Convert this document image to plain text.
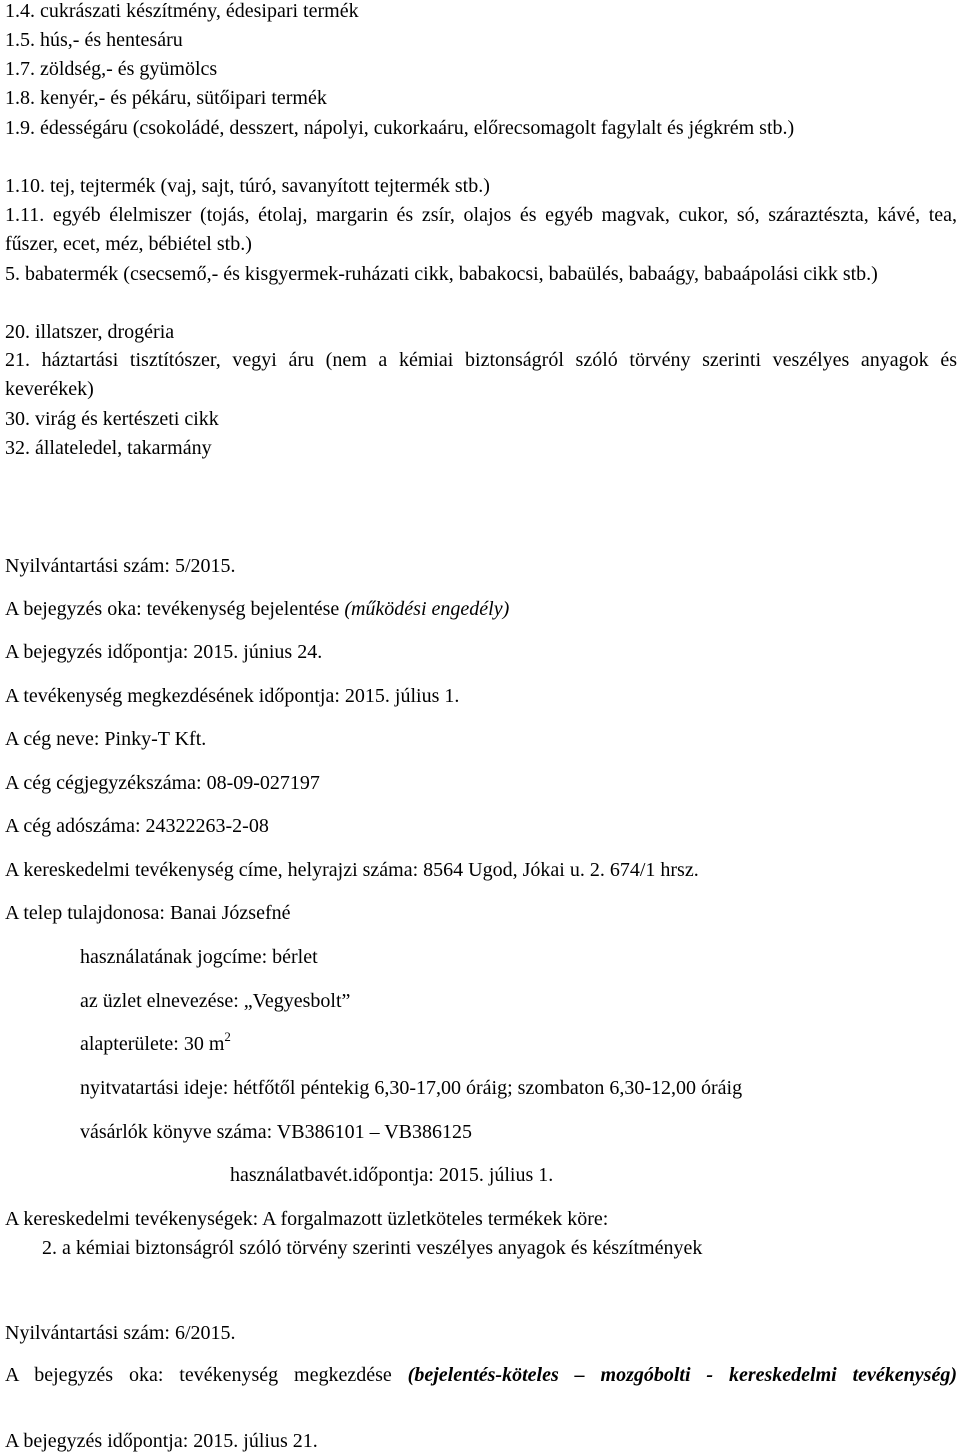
1.4. cukrászati készítmény, édesipari termék
1.5. hús,- és hentesáru
1.7. zöldség,- és gyümölcs
1.8. kenyér,- és pékáru, sütőipari termék
1.9. édességáru (csokoládé, desszert, nápolyi, cukorkaáru, előrecsomagolt fagylalt és jégkrém stb.)
1.10. tej, tejtermék (vaj, sajt, túró, savanyított tejtermék stb.)
1.11. egyéb élelmiszer (tojás, étolaj, margarin és zsír, olajos és egyéb magvak, cukor, só, száraztészta, kávé, tea, fűszer, ecet, méz, bébiétel stb.)
5. babatermék (csecsemő,- és kisgyermek-ruházati cikk, babakocsi, babaülés, babaágy, babaápolási cikk stb.)
20. illatszer, drogéria
21. háztartási tisztítószer, vegyi áru (nem a kémiai biztonságról szóló törvény szerinti veszélyes anyagok és keverékek)
30. virág és kertészeti cikk
32. állateledel, takarmány
Nyilvántartási szám: 5/2015.
A bejegyzés oka: tevékenység bejelentése (működési engedély)
A bejegyzés időpontja: 2015. június 24.
A tevékenység megkezdésének időpontja: 2015. július 1.
A cég neve: Pinky-T Kft.
A cég cégjegyzékszáma: 08-09-027197
A cég adószáma: 24322263-2-08
A kereskedelmi tevékenység címe, helyrajzi száma: 8564 Ugod, Jókai u. 2. 674/1 hrsz.
A telep tulajdonosa: Banai Józsefné
használatának jogcíme: bérlet
az üzlet elnevezése: „Vegyesbolt”
alapterülete: 30 $m^2$
nyitvatartási ideje: hétfőtől péntekig 6,30-17,00 óráig; szombaton 6,30-12,00 óráig
vásárlók könyve száma: VB386101 – VB386125
használatbavét.időpontja: 2015. július 1.
A kereskedelmi tevékenységek: A forgalmazott üzletköteles termékek köre:
2. a kémiai biztonságról szóló törvény szerinti veszélyes anyagok és készítmények
Nyilvántartási szám: 6/2015.
A bejegyzés oka: tevékenység megkezdése (bejelentés-köteles – mozgóbolti - kereskedelmi tevékenység)
A bejegyzés időpontja: 2015. július 21.
